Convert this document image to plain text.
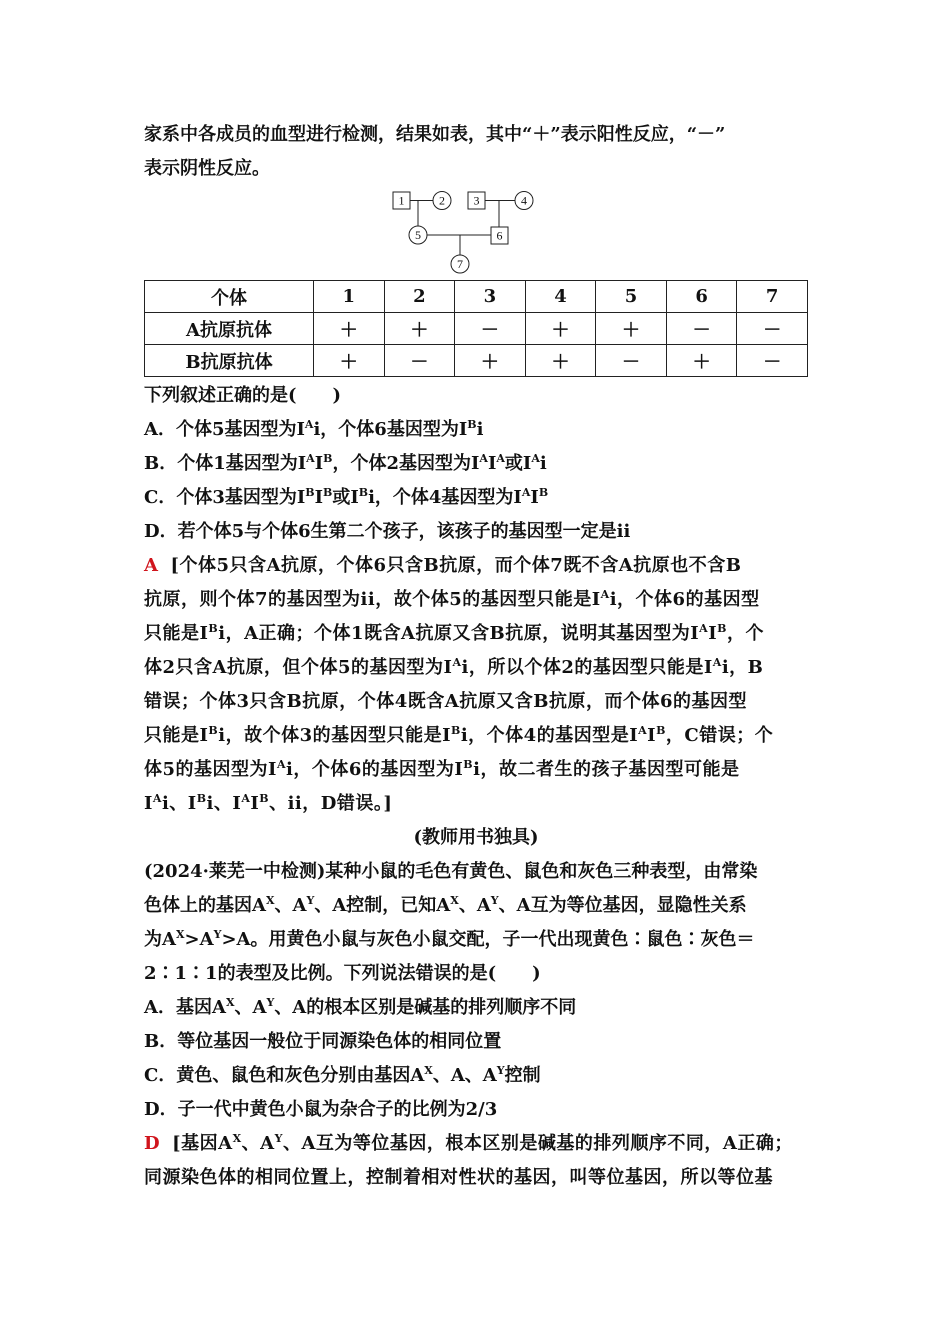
家系中各成员的血型进行检测，结果如表，其中“＋”表示阳性反应，“－”
表示阴性反应。
1	2 3	4
5	6
7
个体	1	2	3	4	5	6	7
A抗原抗体	＋	＋	－	＋	＋	－	－
B抗原抗体	＋	－	＋	＋	－	＋	－
下列叙述正确的是(　　)
A．个体5基因型为$I^Ai$，个体6基因型为$I^Bi$
B．个体1基因型为$I^AI^B$，个体2基因型为$I^AI^A$或$I^Ai$
C．个体3基因型为$I^BI^B$或$I^Bi$，个体4基因型为$I^AI^B$
D．若个体5与个体6生第二个孩子，该孩子的基因型一定是ii
A [个体5只含A抗原，个体6只含B抗原，而个体7既不含A抗原也不含B
抗原，则个体7的基因型为ii，故个体5的基因型只能是$I^Ai$，个体6的基因型
只能是$I^Bi$，A正确；个体1既含A抗原又含B抗原，说明其基因型为$I^AI^B$，个
体2只含A抗原，但个体5的基因型为$I^Ai$，所以个体2的基因型只能是$I^Ai$，B
错误；个体3只含B抗原，个体4既含A抗原又含B抗原，而个体6的基因型
只能是$I^Bi$，故个体3的基因型只能是$I^Bi$，个体4的基因型是$I^AI^B$，C错误；个
体5的基因型为$I^Ai$，个体6的基因型为$I^Bi$，故二者生的孩子基因型可能是
$I^Ai$、$I^Bi$、$I^AI^B$、ii，D错误。]
(教师用书独具)
(2024·莱芜一中检测)某种小鼠的毛色有黄色、鼠色和灰色三种表型，由常染
色体上的基因$A^X$、$A^Y$、A控制，已知$A^X$、$A^Y$、A互为等位基因，显隐性关系
为$A^X>A^Y>A$。用黄色小鼠与灰色小鼠交配，子一代出现黄色∶鼠色∶灰色＝
2∶1∶1的表型及比例。下列说法错误的是(　　)
A．基因$A^X$、$A^Y$、A的根本区别是碱基的排列顺序不同
B．等位基因一般位于同源染色体的相同位置
C．黄色、鼠色和灰色分别由基因$A^X$、A、$A^Y$控制
D．子一代中黄色小鼠为杂合子的比例为2/3
D [基因$A^X$、$A^Y$、A互为等位基因，根本区别是碱基的排列顺序不同，A正确；
同源染色体的相同位置上，控制着相对性状的基因，叫等位基因，所以等位基
